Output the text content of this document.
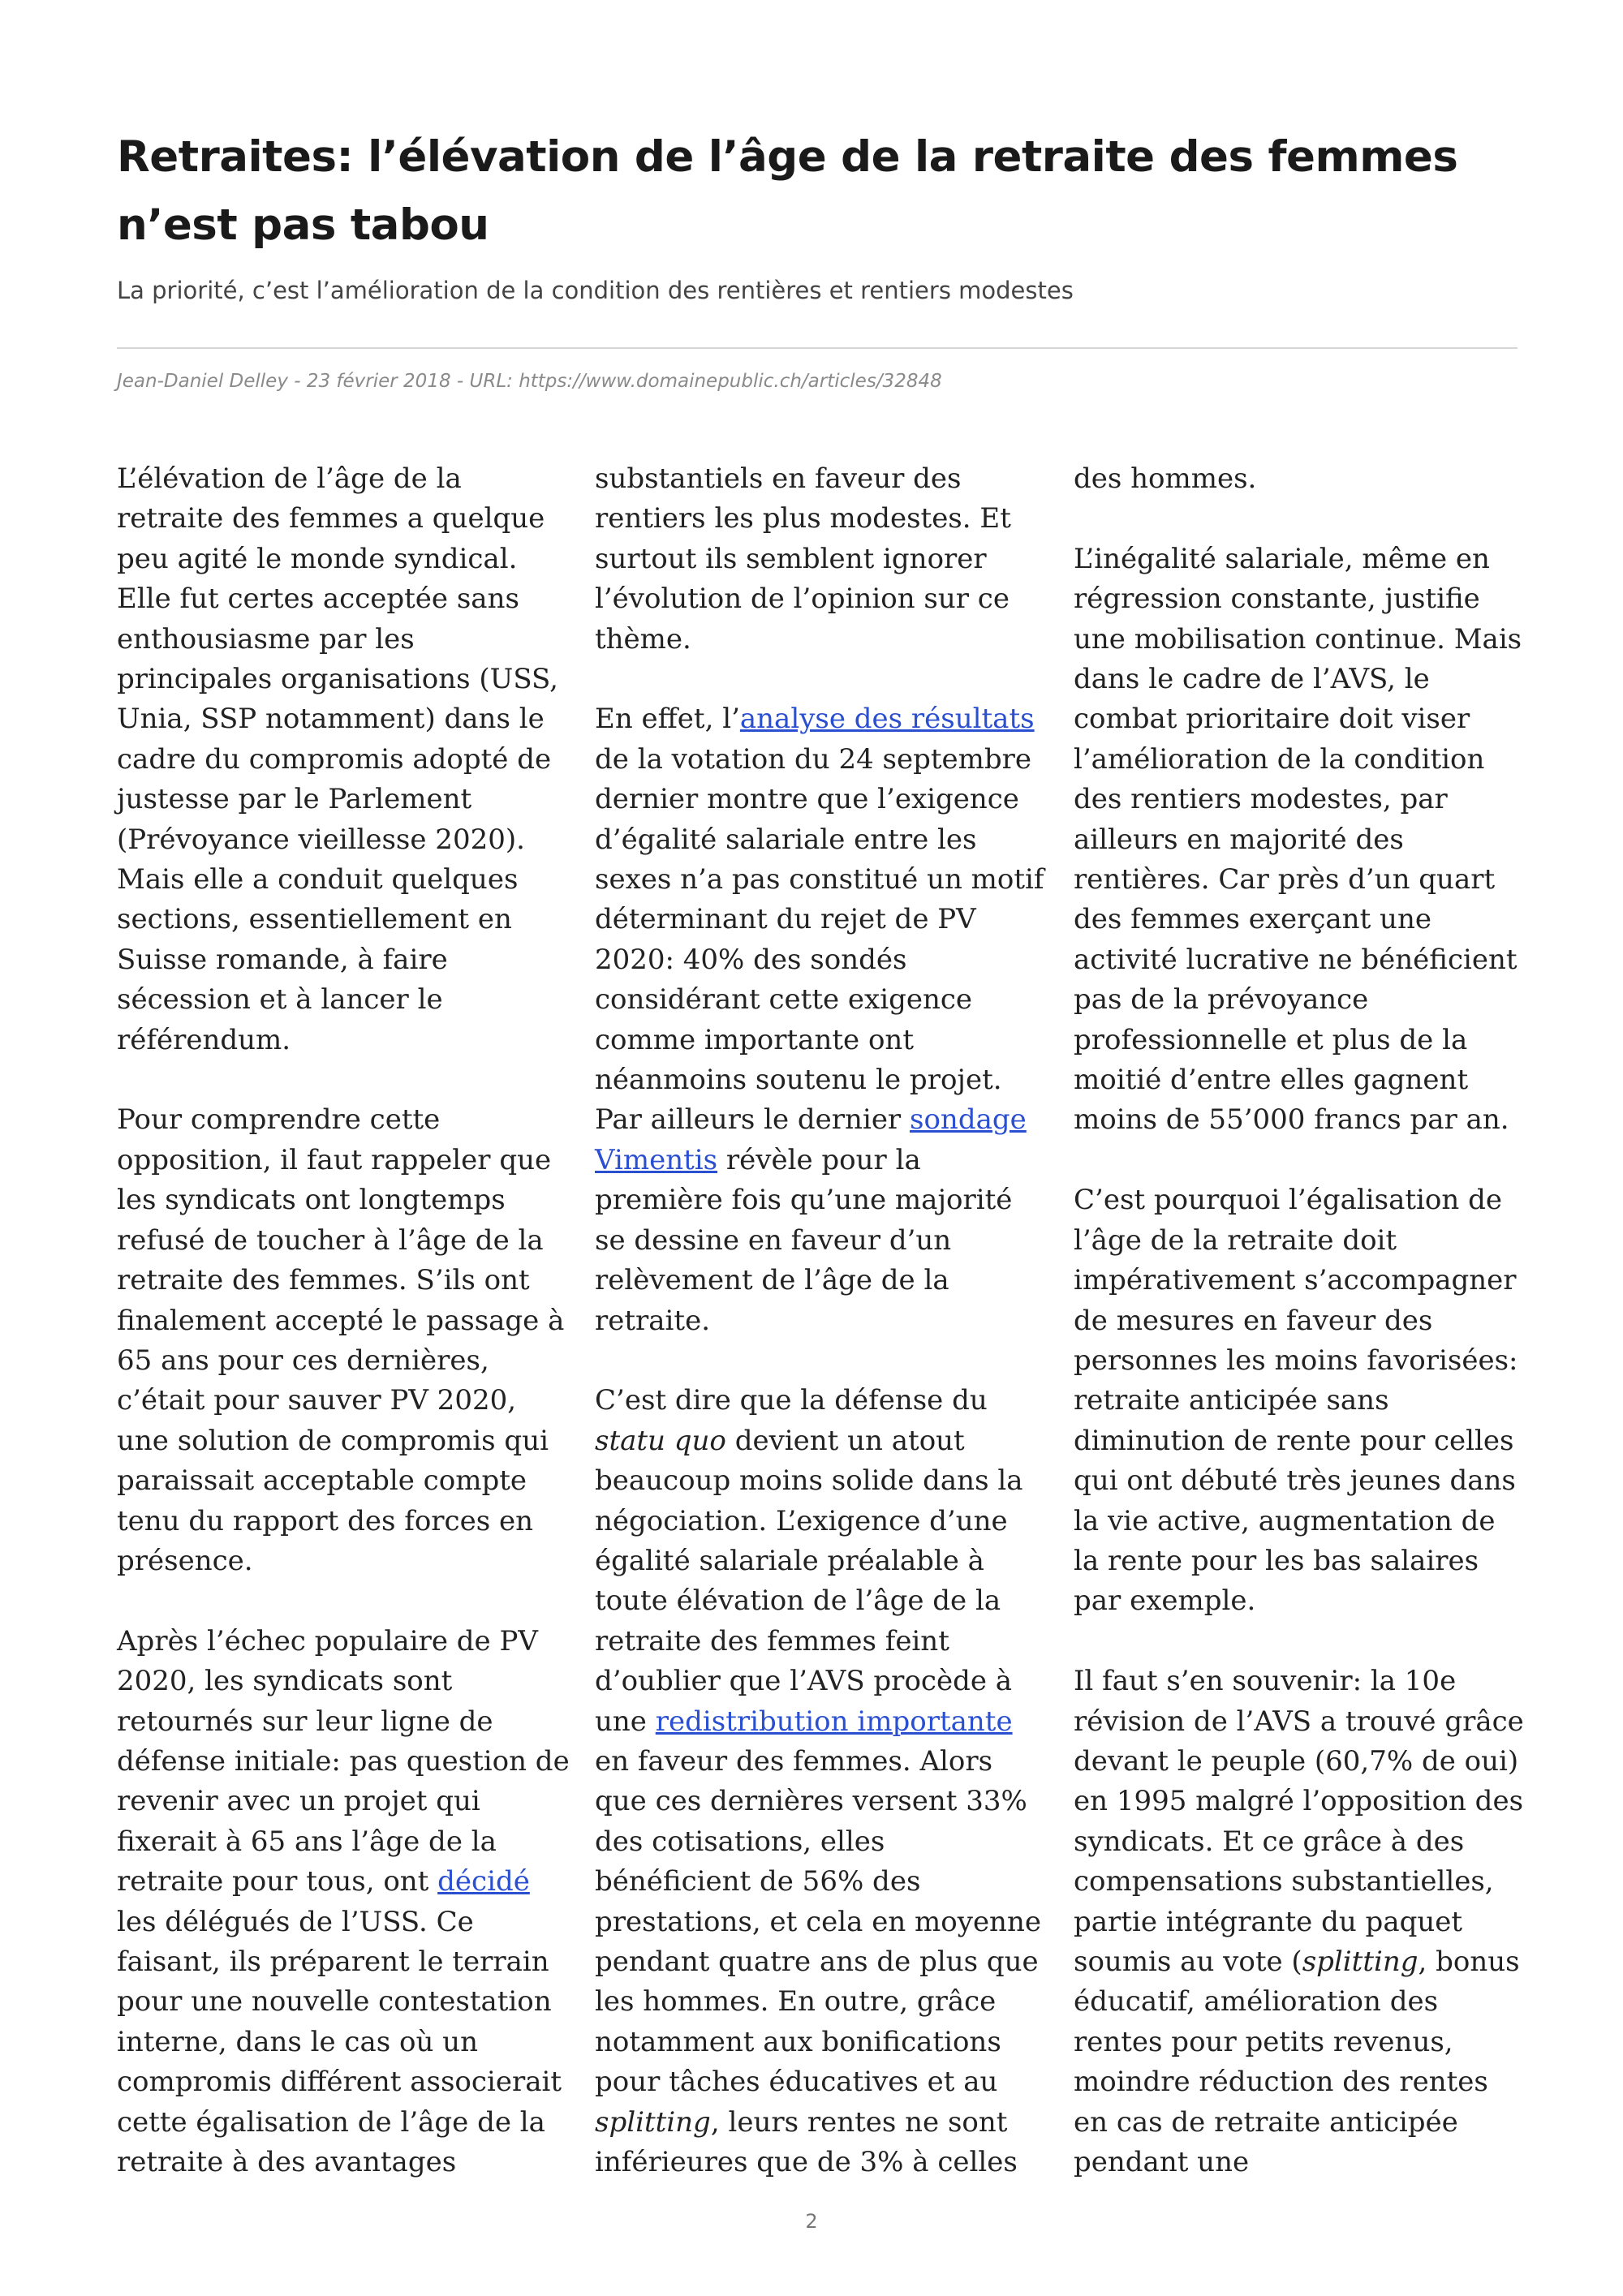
Retraites: l’élévation de l’âge de la retraite des femmes n’est pas tabou

La priorité, c’est l’amélioration de la condition des rentières et rentiers modestes

Jean-Daniel Delley - 23 février 2018 - URL: https://www.domainepublic.ch/articles/32848

L’élévation de l’âge de la retraite des femmes a quelque peu agité le monde syndical. Elle fut certes acceptée sans enthousiasme par les principales organisations (USS, Unia, SSP notamment) dans le cadre du compromis adopté de justesse par le Parlement (Prévoyance vieillesse 2020). Mais elle a conduit quelques sections, essentiellement en Suisse romande, à faire sécession et à lancer le référendum.

Pour comprendre cette opposition, il faut rappeler que les syndicats ont longtemps refusé de toucher à l’âge de la retraite des femmes. S’ils ont finalement accepté le passage à 65 ans pour ces dernières, c’était pour sauver PV 2020, une solution de compromis qui paraissait acceptable compte tenu du rapport des forces en présence.

Après l’échec populaire de PV 2020, les syndicats sont retournés sur leur ligne de défense initiale: pas question de revenir avec un projet qui fixerait à 65 ans l’âge de la retraite pour tous, ont décidé les délégués de l’USS. Ce faisant, ils préparent le terrain pour une nouvelle contestation interne, dans le cas où un compromis différent associerait cette égalisation de l’âge de la retraite à des avantages

substantiels en faveur des rentiers les plus modestes. Et surtout ils semblent ignorer l’évolution de l’opinion sur ce thème.

En effet, l’analyse des résultats de la votation du 24 septembre dernier montre que l’exigence d’égalité salariale entre les sexes n’a pas constitué un motif déterminant du rejet de PV 2020: 40% des sondés considérant cette exigence comme importante ont néanmoins soutenu le projet. Par ailleurs le dernier sondage Vimentis révèle pour la première fois qu’une majorité se dessine en faveur d’un relèvement de l’âge de la retraite.

C’est dire que la défense du statu quo devient un atout beaucoup moins solide dans la négociation. L’exigence d’une égalité salariale préalable à toute élévation de l’âge de la retraite des femmes feint d’oublier que l’AVS procède à une redistribution importante en faveur des femmes. Alors que ces dernières versent 33% des cotisations, elles bénéficient de 56% des prestations, et cela en moyenne pendant quatre ans de plus que les hommes. En outre, grâce notamment aux bonifications pour tâches éducatives et au splitting, leurs rentes ne sont inférieures que de 3% à celles

des hommes.

L’inégalité salariale, même en régression constante, justifie une mobilisation continue. Mais dans le cadre de l’AVS, le combat prioritaire doit viser l’amélioration de la condition des rentiers modestes, par ailleurs en majorité des rentières. Car près d’un quart des femmes exerçant une activité lucrative ne bénéficient pas de la prévoyance professionnelle et plus de la moitié d’entre elles gagnent moins de 55’000 francs par an.

C’est pourquoi l’égalisation de l’âge de la retraite doit impérativement s’accompagner de mesures en faveur des personnes les moins favorisées: retraite anticipée sans diminution de rente pour celles qui ont débuté très jeunes dans la vie active, augmentation de la rente pour les bas salaires par exemple.

Il faut s’en souvenir: la 10e révision de l’AVS a trouvé grâce devant le peuple (60,7% de oui) en 1995 malgré l’opposition des syndicats. Et ce grâce à des compensations substantielles, partie intégrante du paquet soumis au vote (splitting, bonus éducatif, amélioration des rentes pour petits revenus, moindre réduction des rentes en cas de retraite anticipée pendant une

2
